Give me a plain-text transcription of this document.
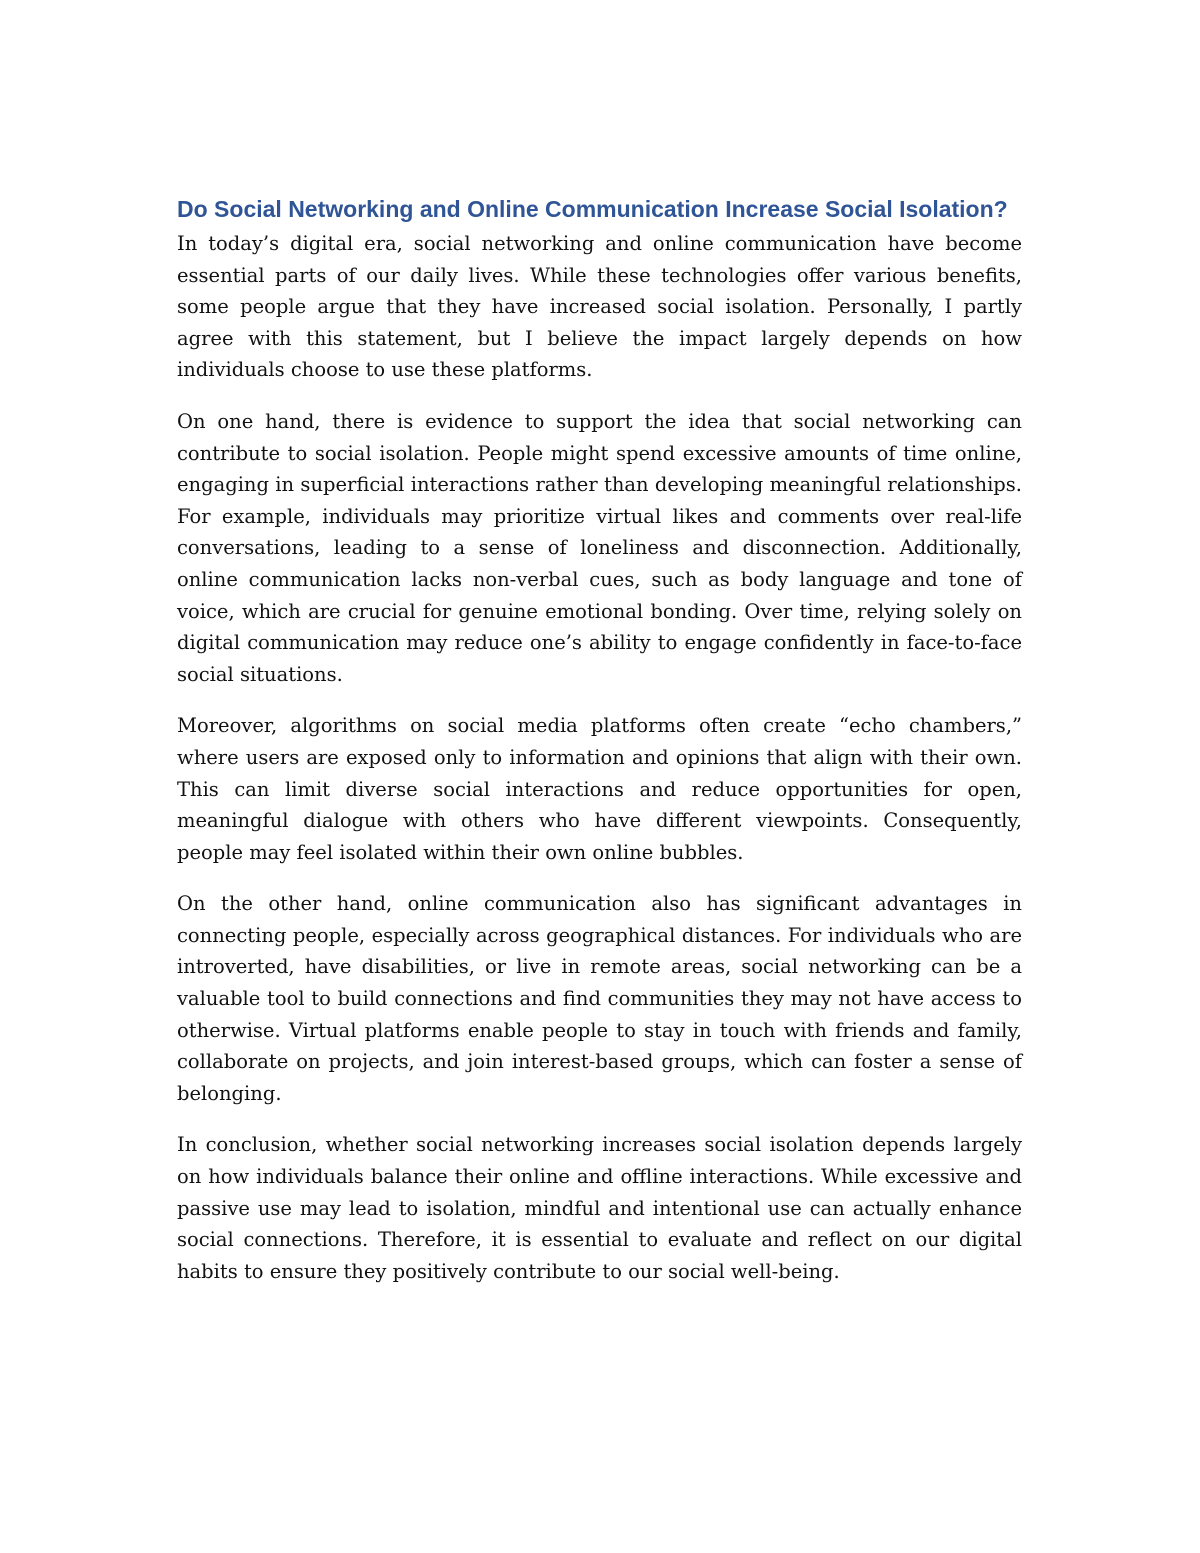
Do Social Networking and Online Communication Increase Social Isolation?

In today’s digital era, social networking and online communication have become essential parts of our daily lives. While these technologies offer various benefits, some people argue that they have increased social isolation. Personally, I partly agree with this statement, but I believe the impact largely depends on how individuals choose to use these platforms.

On one hand, there is evidence to support the idea that social networking can contribute to social isolation. People might spend excessive amounts of time online, engaging in superficial interactions rather than developing meaningful relationships. For example, individuals may prioritize virtual likes and comments over real-life conversations, leading to a sense of loneliness and disconnection. Additionally, online communication lacks non-verbal cues, such as body language and tone of voice, which are crucial for genuine emotional bonding. Over time, relying solely on digital communication may reduce one’s ability to engage confidently in face-to-face social situations.

Moreover, algorithms on social media platforms often create “echo chambers,” where users are exposed only to information and opinions that align with their own. This can limit diverse social interactions and reduce opportunities for open, meaningful dialogue with others who have different viewpoints. Consequently, people may feel isolated within their own online bubbles.

On the other hand, online communication also has significant advantages in connecting people, especially across geographical distances. For individuals who are introverted, have disabilities, or live in remote areas, social networking can be a valuable tool to build connections and find communities they may not have access to otherwise. Virtual platforms enable people to stay in touch with friends and family, collaborate on projects, and join interest-based groups, which can foster a sense of belonging.

In conclusion, whether social networking increases social isolation depends largely on how individuals balance their online and offline interactions. While excessive and passive use may lead to isolation, mindful and intentional use can actually enhance social connections. Therefore, it is essential to evaluate and reflect on our digital habits to ensure they positively contribute to our social well-being.
